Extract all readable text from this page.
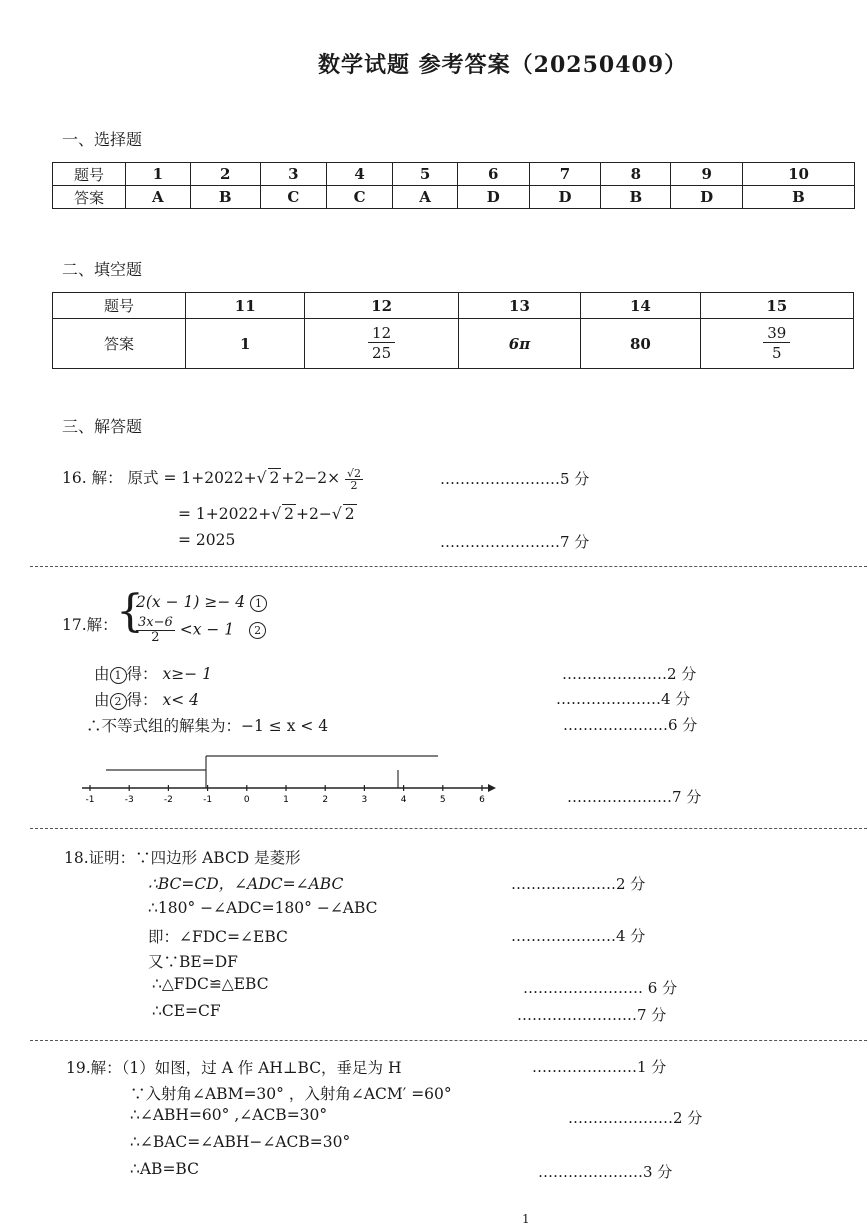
数学试题 参考答案（20250409）
一、选择题
题号	1	2	3	4	5	6	7	8	9	10
答案	A	B	C	C	A	D	D	B	D	B
二、填空题
题号	11	12	13	14	15
答案	1	$\frac{12}{25}$	6π	80	$\frac{39}{5}$
三、解答题
16. 解： 原式 = 1+2022+√ $2 +2-2\times \frac{√2}{2}$	……………………5 分
= 1+2022+√ 2 +2−√ 2
= 2025	……………………7 分
17.解：
{
2(x − 1) ≥− 4 1
$\frac{3x-6}{2} <x - 1$ 2
由 1 得： x≥− 1	…………………2 分
由 2 得： x< 4	…………………4 分
∴不等式组的解集为：−1 ≤ x < 4	…………………6 分
-1	-3	-2	-1	0	1	2	3	4	5	6	…………………7 分
18.证明：∵四边形 ABCD 是菱形
∴BC=CD，∠ADC=∠ABC	…………………2 分
∴180° −∠ADC=180° −∠ABC
即：∠FDC=∠EBC	…………………4 分
又∵BE=DF
∴△FDC≌△EBC	…………………… 6 分
∴CE=CF	……………………7 分
19.解：（1）如图，过 A 作 AH⊥BC，垂足为 H	…………………1 分
∵入射角∠ABM=30° ，入射角∠ACM′ =60°
∴∠ABH=60° ,∠ACB=30°	…………………2 分
∴∠BAC=∠ABH−∠ACB=30°
∴AB=BC	…………………3 分
1
